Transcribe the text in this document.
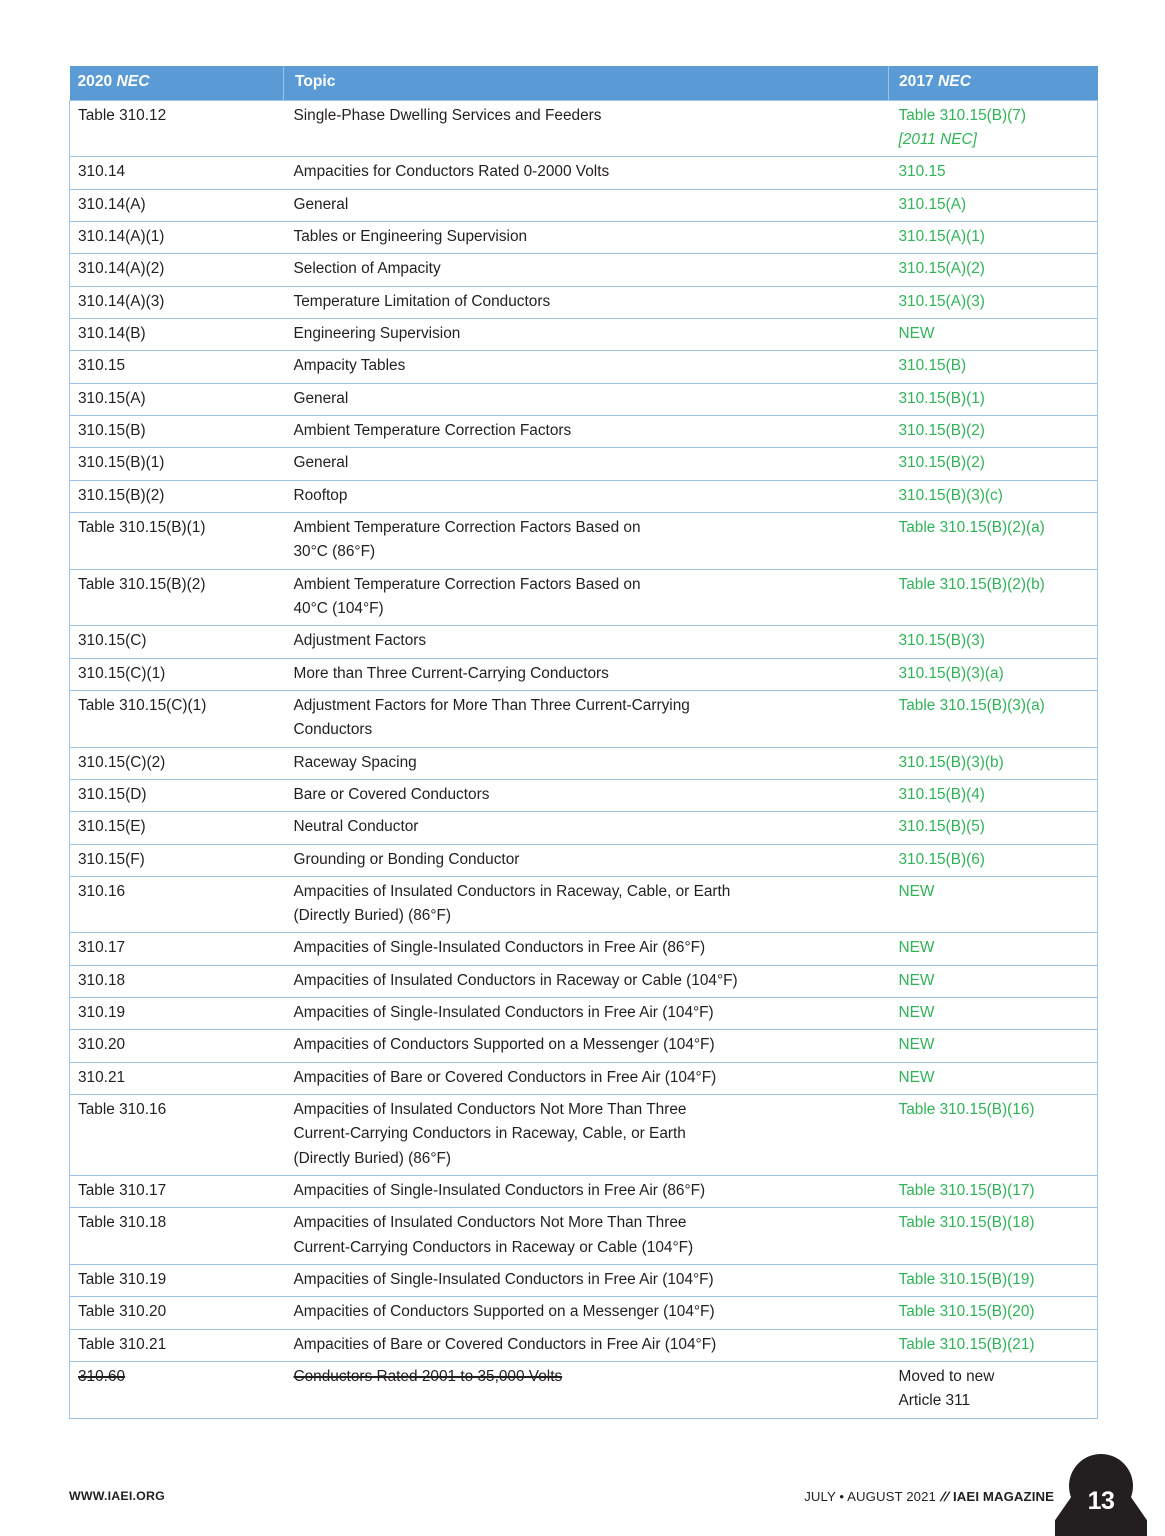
2020 NEC	Topic	2017 NEC
Table 310.12	Single-Phase Dwelling Services and Feeders	Table 310.15(B)(7)
[2011 NEC]

310.14	Ampacities for Conductors Rated 0-2000 Volts	310.15

310.14(A)	General	310.15(A)

310.14(A)(1)	Tables or Engineering Supervision	310.15(A)(1)

310.14(A)(2)	Selection of Ampacity	310.15(A)(2)

310.14(A)(3)	Temperature Limitation of Conductors	310.15(A)(3)

310.14(B)	Engineering Supervision	NEW

310.15	Ampacity Tables	310.15(B)

310.15(A)	General	310.15(B)(1)

310.15(B)	Ambient Temperature Correction Factors	310.15(B)(2)

310.15(B)(1)	General	310.15(B)(2)

310.15(B)(2)	Rooftop	310.15(B)(3)(c)

Table 310.15(B)(1)	Ambient Temperature Correction Factors Based on
30°C (86°F)	Table 310.15(B)(2)(a)

Table 310.15(B)(2)	Ambient Temperature Correction Factors Based on
40°C (104°F)	Table 310.15(B)(2)(b)

310.15(C)	Adjustment Factors	310.15(B)(3)

310.15(C)(1)	More than Three Current-Carrying Conductors	310.15(B)(3)(a)

Table 310.15(C)(1)	Adjustment Factors for More Than Three Current-Carrying
Conductors	Table 310.15(B)(3)(a)

310.15(C)(2)	Raceway Spacing	310.15(B)(3)(b)

310.15(D)	Bare or Covered Conductors	310.15(B)(4)

310.15(E)	Neutral Conductor	310.15(B)(5)

310.15(F)	Grounding or Bonding Conductor	310.15(B)(6)

310.16	Ampacities of Insulated Conductors in Raceway, Cable, or Earth
(Directly Buried) (86°F)	NEW

310.17	Ampacities of Single-Insulated Conductors in Free Air (86°F)	NEW

310.18	Ampacities of Insulated Conductors in Raceway or Cable (104°F)	NEW

310.19	Ampacities of Single-Insulated Conductors in Free Air (104°F)	NEW

310.20	Ampacities of Conductors Supported on a Messenger (104°F)	NEW

310.21	Ampacities of Bare or Covered Conductors in Free Air (104°F)	NEW

Table 310.16	Ampacities of Insulated Conductors Not More Than Three
Current-Carrying Conductors in Raceway, Cable, or Earth
(Directly Buried) (86°F)	Table 310.15(B)(16)

Table 310.17	Ampacities of Single-Insulated Conductors in Free Air (86°F)	Table 310.15(B)(17)

Table 310.18	Ampacities of Insulated Conductors Not More Than Three
Current-Carrying Conductors in Raceway or Cable (104°F)	Table 310.15(B)(18)

Table 310.19	Ampacities of Single-Insulated Conductors in Free Air (104°F)	Table 310.15(B)(19)

Table 310.20	Ampacities of Conductors Supported on a Messenger (104°F)	Table 310.15(B)(20)

Table 310.21	Ampacities of Bare or Covered Conductors in Free Air (104°F)	Table 310.15(B)(21)

310.60	Conductors Rated 2001 to 35,000 Volts	Moved to new
Article 311
WWW.IAEI.ORG	JULY • AUGUST 2021 // IAEI MAGAZINE	13
